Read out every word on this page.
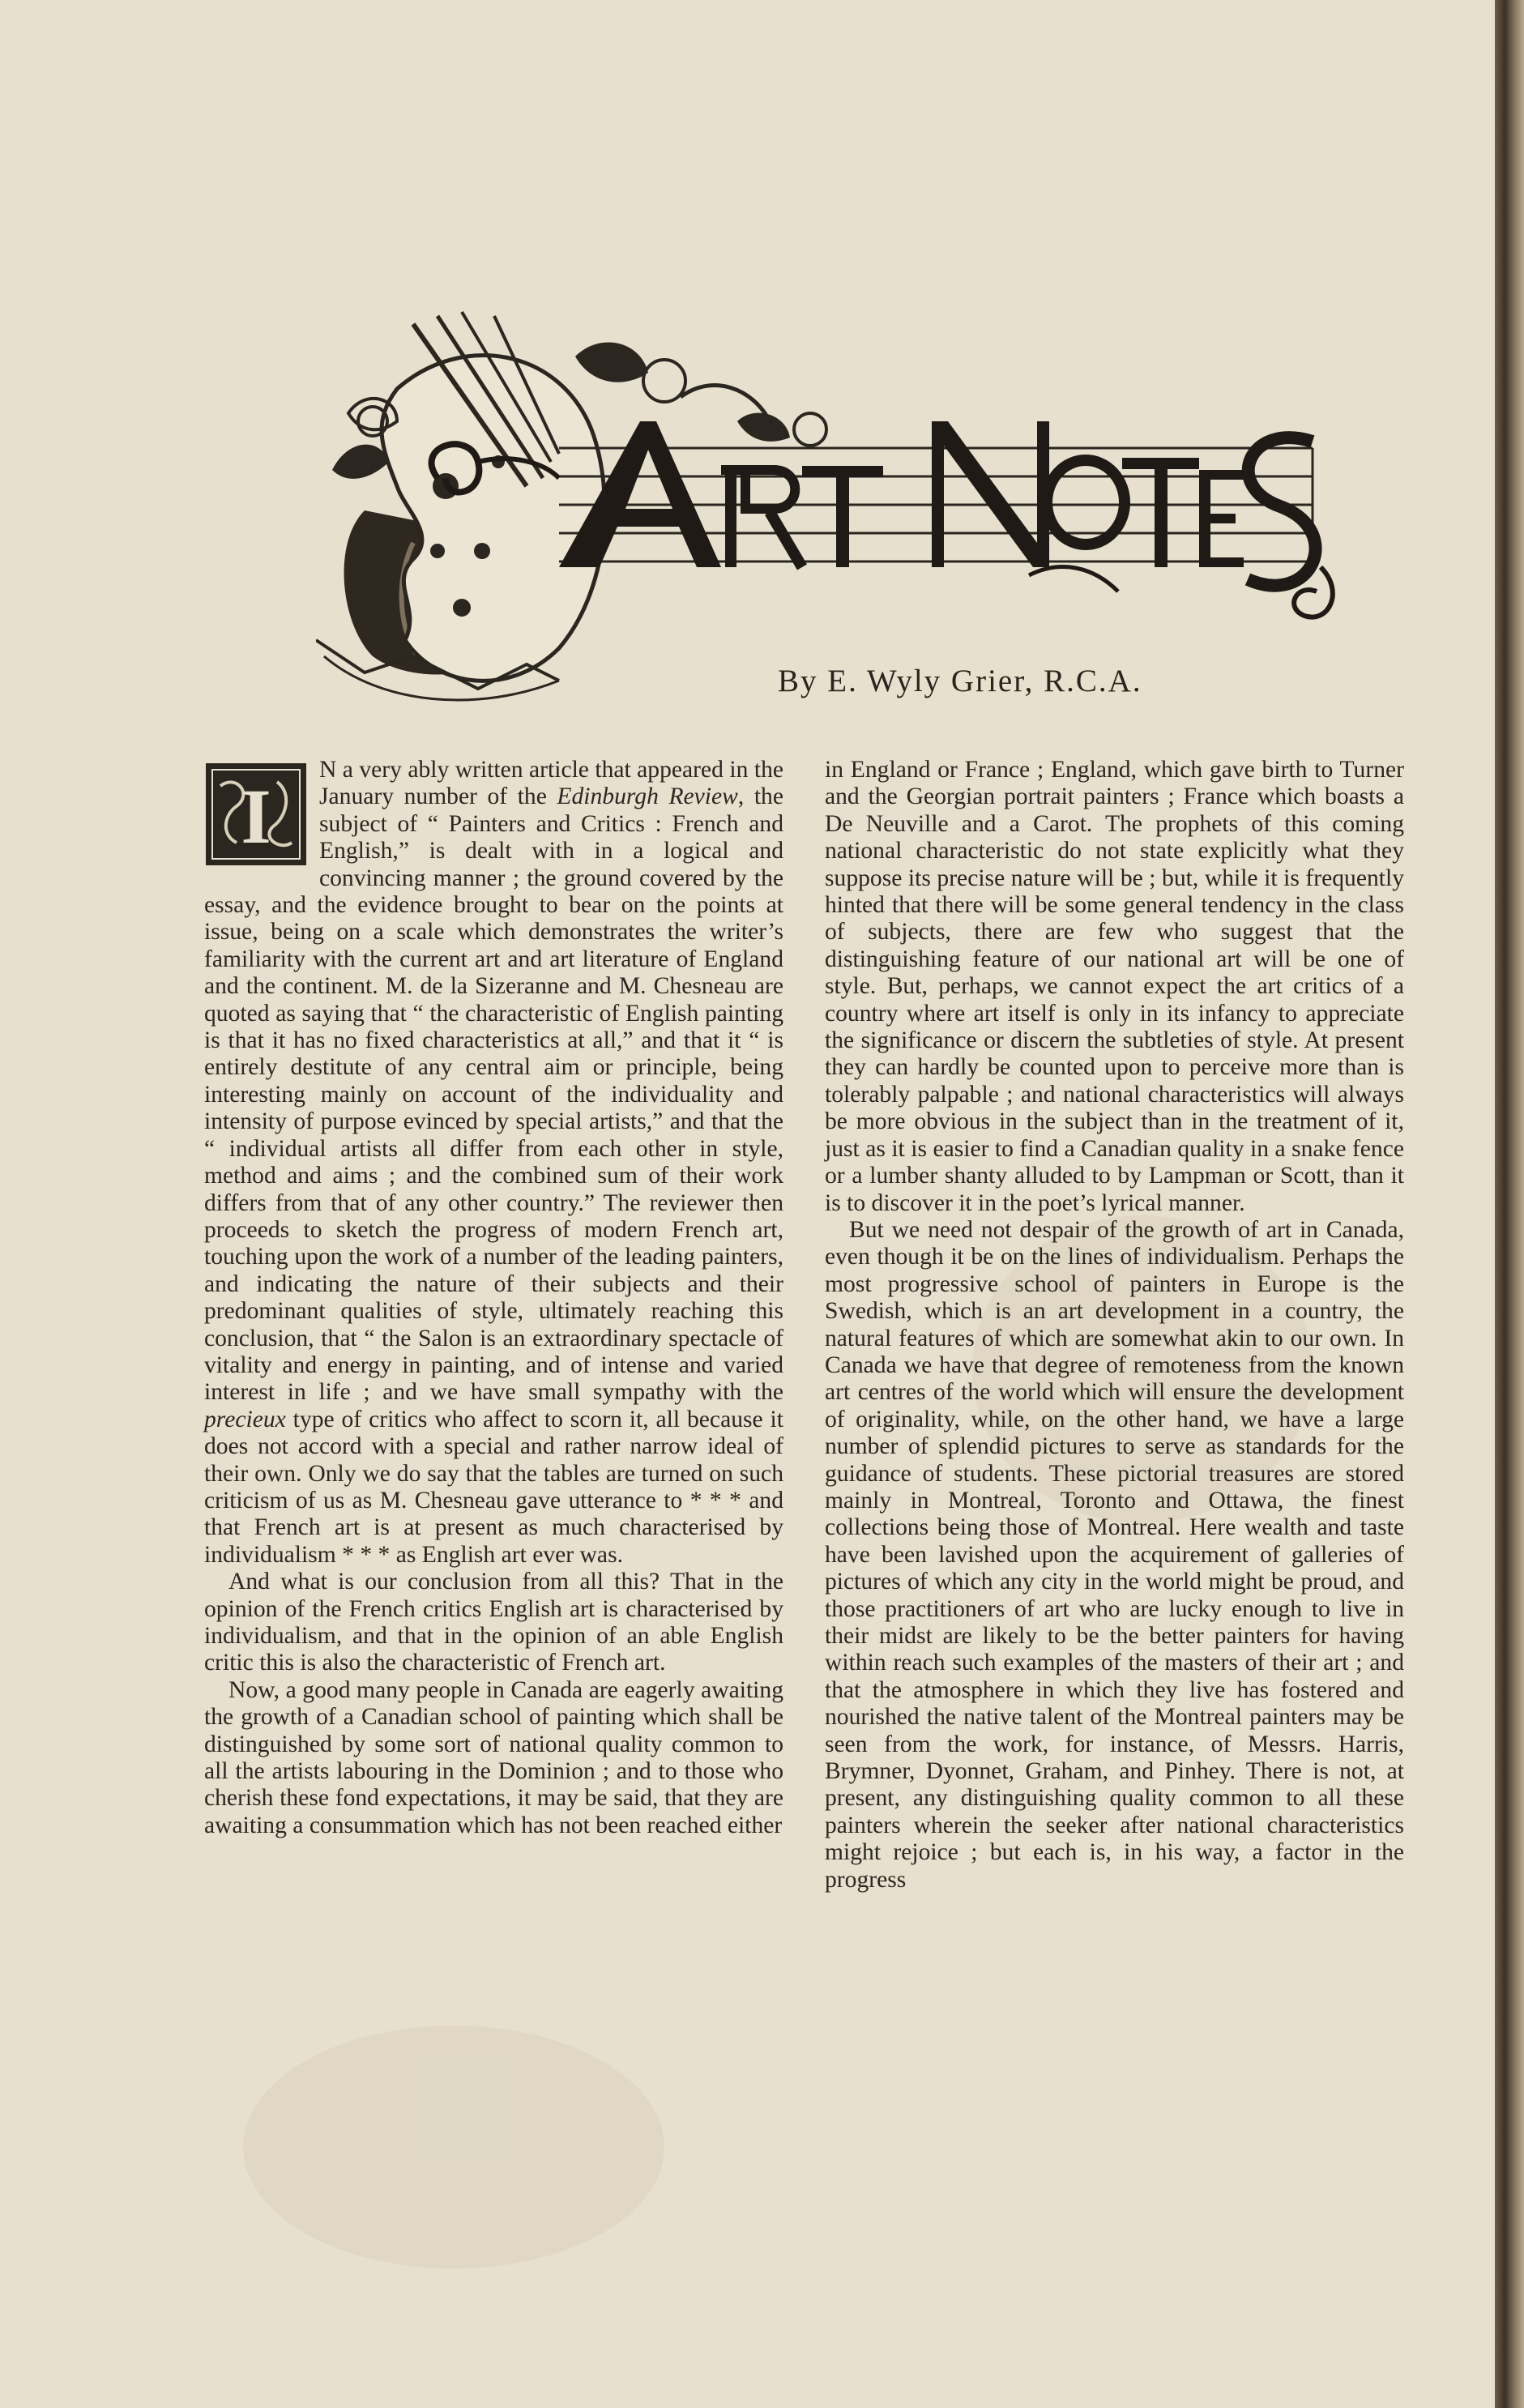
By E. Wyly Grier, R.C.A.
I

N a very ably written article that appeared in the January number of the Edinburgh Review, the subject of “ Painters and Critics : French and English,” is dealt with in a logical and convincing manner ; the ground covered by the essay, and the evidence brought to bear on the points at issue, being on a scale which demonstrates the writer’s familiarity with the current art and art literature of England and the continent. M. de la Sizeranne and M. Chesneau are quoted as saying that “ the characteristic of English painting is that it has no fixed characteristics at all,” and that it “ is entirely destitute of any central aim or principle, being interesting mainly on account of the individuality and intensity of purpose evinced by special artists,” and that the “ individual artists all differ from each other in style, method and aims ; and the combined sum of their work differs from that of any other country.” The reviewer then proceeds to sketch the progress of modern French art, touching upon the work of a number of the leading painters, and indicating the nature of their subjects and their predominant qualities of style, ultimately reaching this conclusion, that “ the Salon is an extraordinary spectacle of vitality and energy in painting, and of intense and varied interest in life ; and we have small sympathy with the precieux type of critics who affect to scorn it, all because it does not accord with a special and rather narrow ideal of their own. Only we do say that the tables are turned on such criticism of us as M. Chesneau gave utterance to * * * and that French art is at present as much characterised by individualism * * * as English art ever was.

And what is our conclusion from all this? That in the opinion of the French critics English art is characterised by individualism, and that in the opinion of an able English critic this is also the characteristic of French art.

Now, a good many people in Canada are eagerly awaiting the growth of a Canadian school of painting which shall be distinguished by some sort of national quality common to all the artists labouring in the Dominion ; and to those who cherish these fond expectations, it may be said, that they are awaiting a consummation which has not been reached either

in England or France ; England, which gave birth to Turner and the Georgian portrait painters ; France which boasts a De Neuville and a Carot. The prophets of this coming national characteristic do not state explicitly what they suppose its precise nature will be ; but, while it is frequently hinted that there will be some general tendency in the class of subjects, there are few who suggest that the distinguishing feature of our national art will be one of style. But, perhaps, we cannot expect the art critics of a country where art itself is only in its infancy to appreciate the significance or discern the subtleties of style. At present they can hardly be counted upon to perceive more than is tolerably palpable ; and national characteristics will always be more obvious in the subject than in the treatment of it, just as it is easier to find a Canadian quality in a snake fence or a lumber shanty alluded to by Lampman or Scott, than it is to discover it in the poet’s lyrical manner.

But we need not despair of the growth of art in Canada, even though it be on the lines of individualism. Perhaps the most progressive school of painters in Europe is the Swedish, which is an art development in a country, the natural features of which are somewhat akin to our own. In Canada we have that degree of remoteness from the known art centres of the world which will ensure the development of originality, while, on the other hand, we have a large number of splendid pictures to serve as standards for the guidance of students. These pictorial treasures are stored mainly in Montreal, Toronto and Ottawa, the finest collections being those of Montreal. Here wealth and taste have been lavished upon the acquirement of galleries of pictures of which any city in the world might be proud, and those practitioners of art who are lucky enough to live in their midst are likely to be the better painters for having within reach such examples of the masters of their art ; and that the atmosphere in which they live has fostered and nourished the native talent of the Montreal painters may be seen from the work, for instance, of Messrs. Harris, Brymner, Dyonnet, Graham, and Pinhey. There is not, at present, any distinguishing quality common to all these painters wherein the seeker after national characteristics might rejoice ; but each is, in his way, a factor in the progress
